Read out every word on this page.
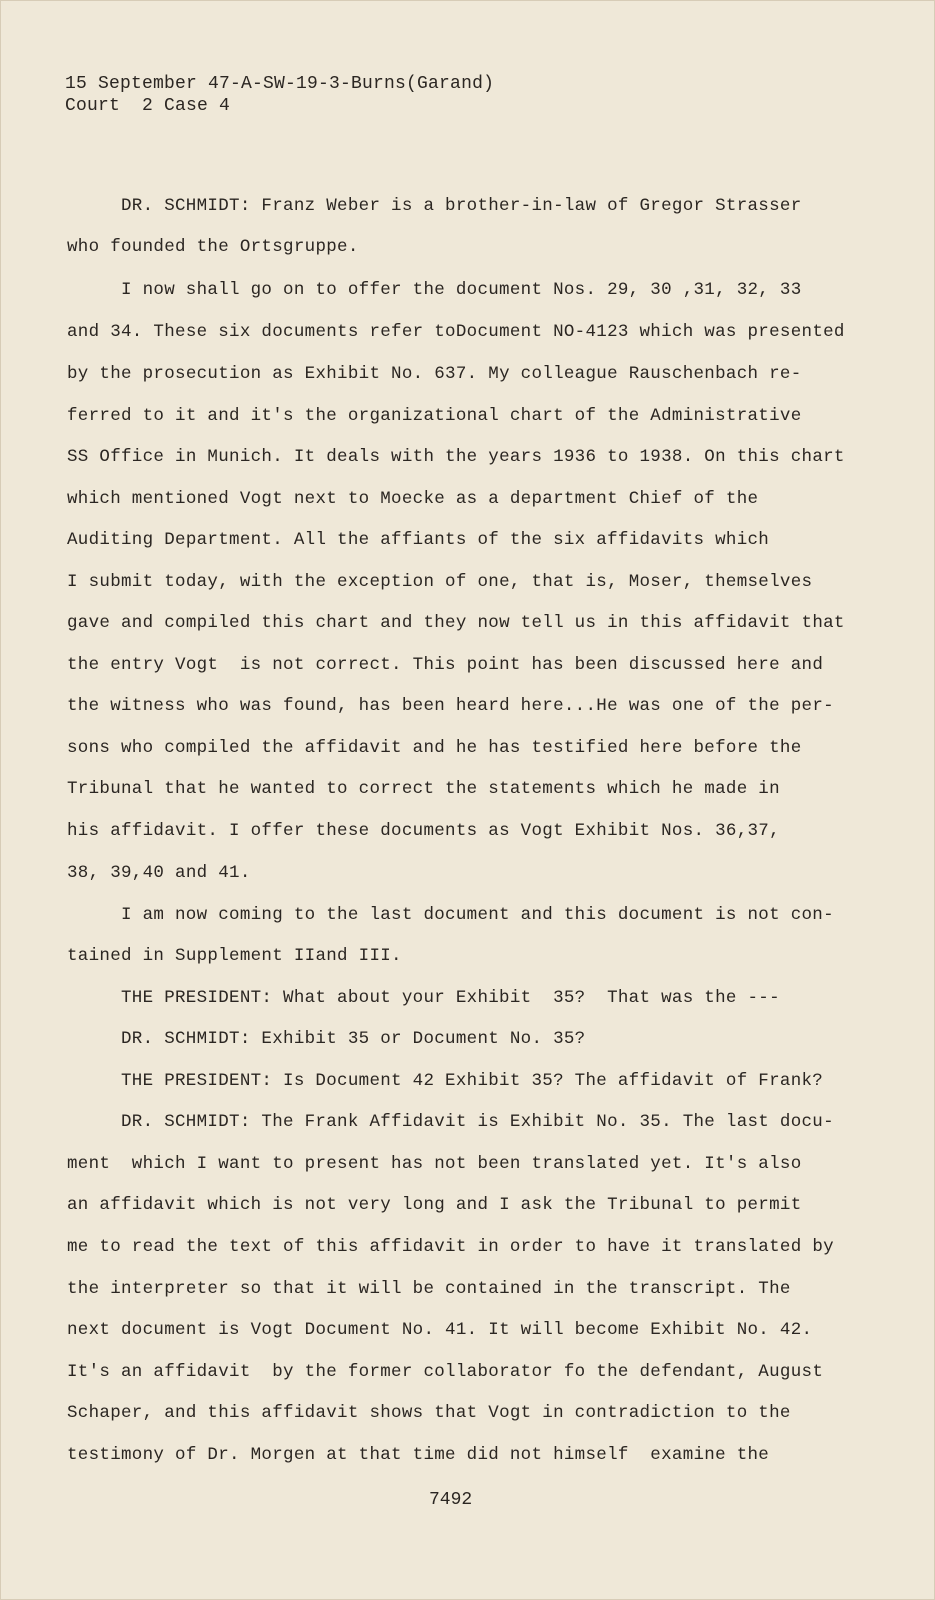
15 September 47-A-SW-19-3-Burns(Garand)
Court  2 Case 4
DR. SCHMIDT: Franz Weber is a brother-in-law of Gregor Strasser
who founded the Ortsgruppe.
I now shall go on to offer the document Nos. 29, 30 ,31, 32, 33
and 34. These six documents refer toDocument NO-4123 which was presented
by the prosecution as Exhibit No. 637. My colleague Rauschenbach re-
ferred to it and it's the organizational chart of the Administrative
SS Office in Munich. It deals with the years 1936 to 1938. On this chart
which mentioned Vogt next to Moecke as a department Chief of the
Auditing Department. All the affiants of the six affidavits which
I submit today, with the exception of one, that is, Moser, themselves
gave and compiled this chart and they now tell us in this affidavit that
the entry Vogt  is not correct. This point has been discussed here and
the witness who was found, has been heard here...He was one of the per-
sons who compiled the affidavit and he has testified here before the
Tribunal that he wanted to correct the statements which he made in
his affidavit. I offer these documents as Vogt Exhibit Nos. 36,37,
38, 39,40 and 41.
I am now coming to the last document and this document is not con-
tained in Supplement IIand III.
THE PRESIDENT: What about your Exhibit  35?  That was the ---
DR. SCHMIDT: Exhibit 35 or Document No. 35?
THE PRESIDENT: Is Document 42 Exhibit 35? The affidavit of Frank?
DR. SCHMIDT: The Frank Affidavit is Exhibit No. 35. The last docu-
ment  which I want to present has not been translated yet. It's also
an affidavit which is not very long and I ask the Tribunal to permit
me to read the text of this affidavit in order to have it translated by
the interpreter so that it will be contained in the transcript. The
next document is Vogt Document No. 41. It will become Exhibit No. 42.
It's an affidavit  by the former collaborator fo the defendant, August
Schaper, and this affidavit shows that Vogt in contradiction to the
testimony of Dr. Morgen at that time did not himself  examine the
7492
